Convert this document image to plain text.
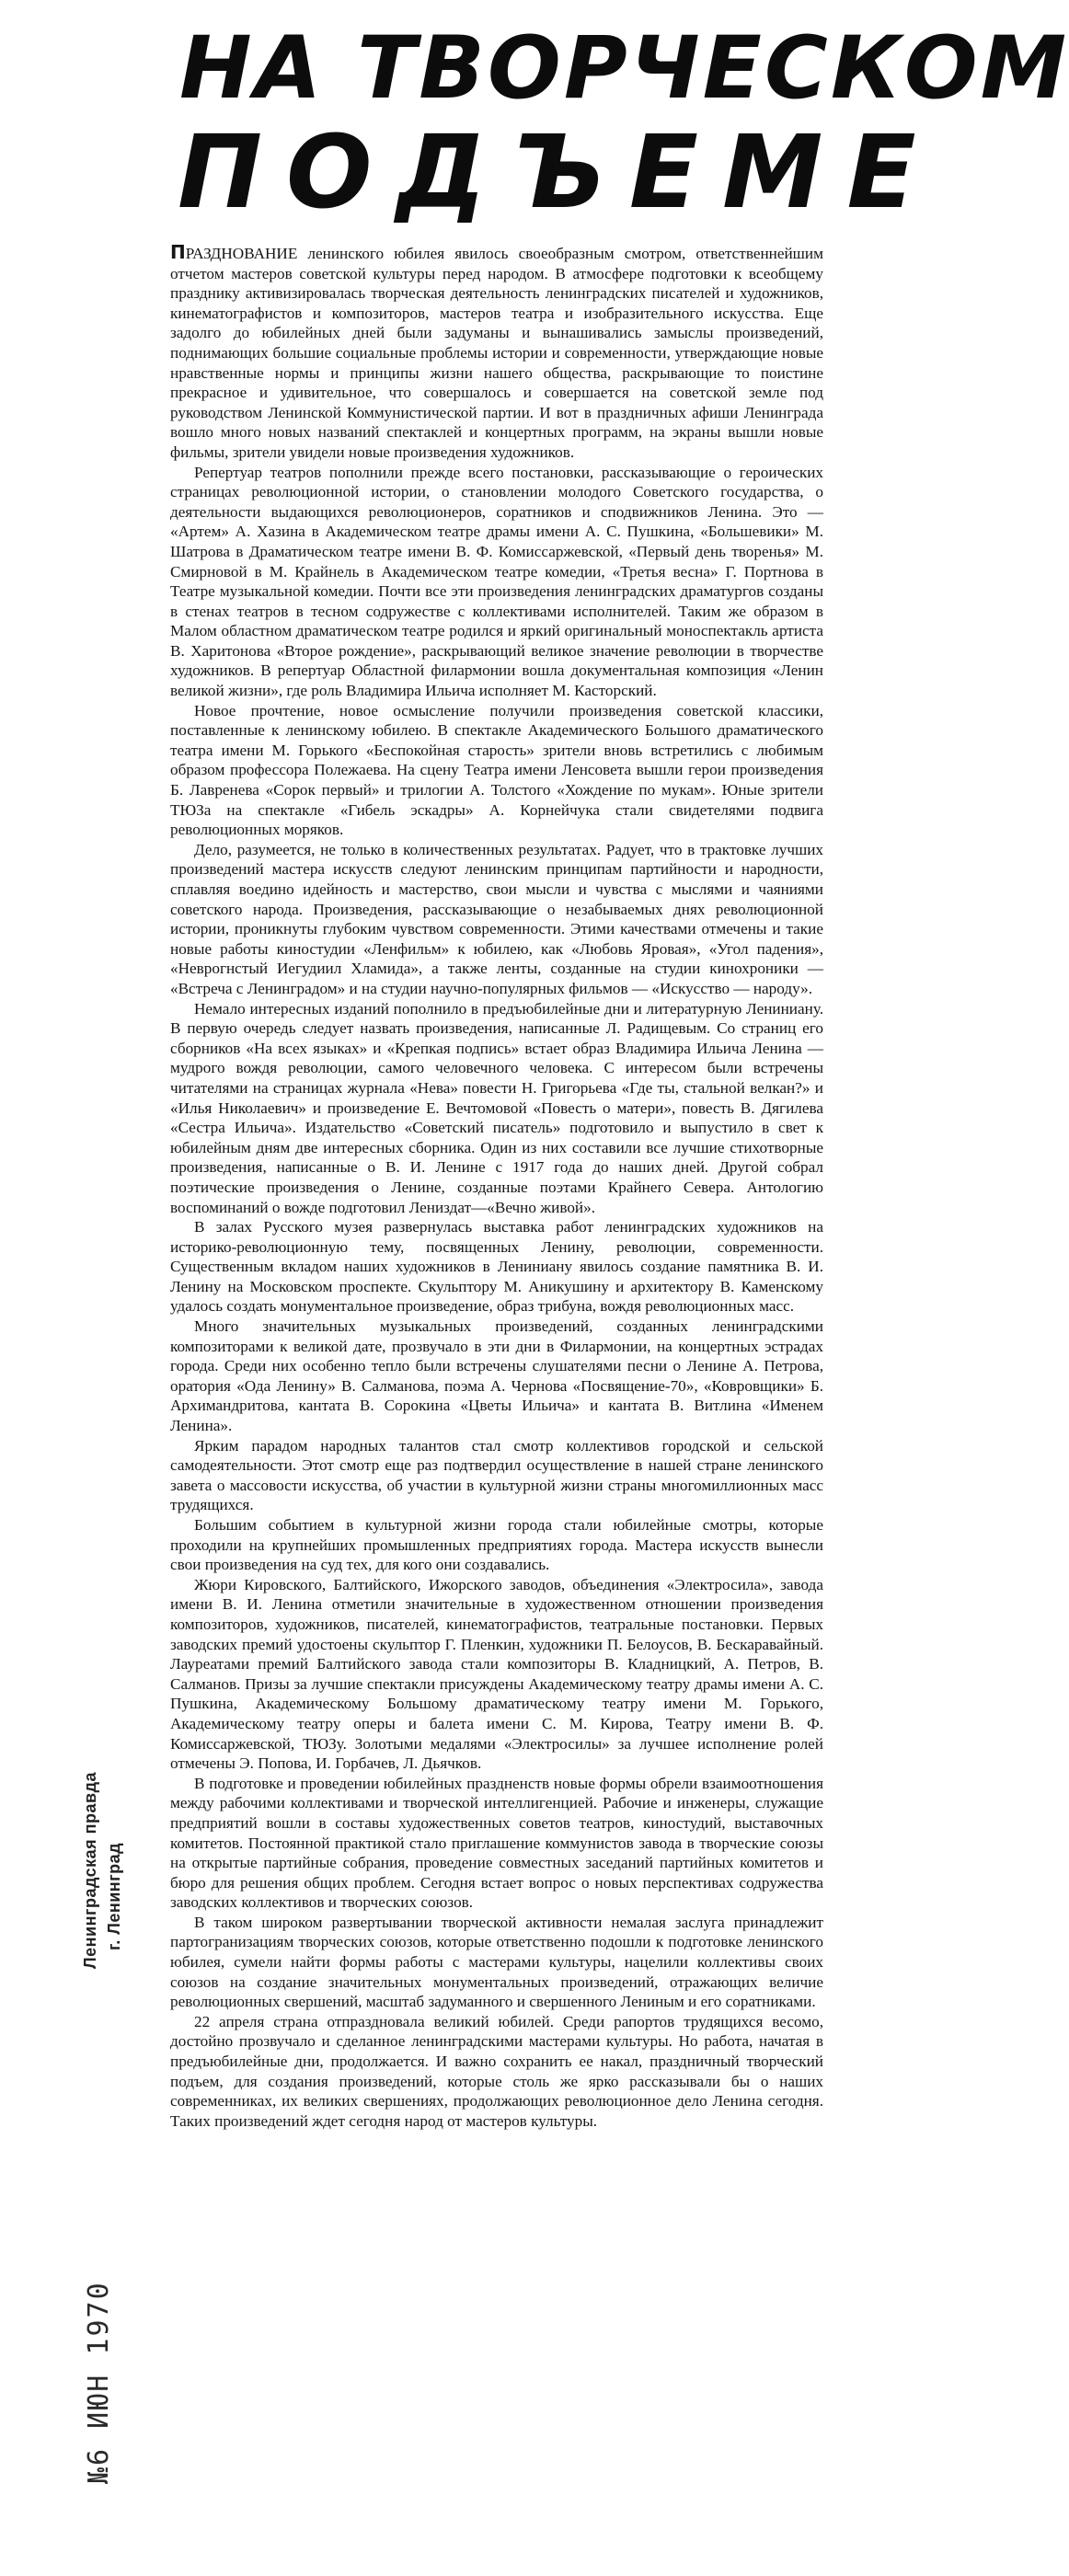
НА ТВОРЧЕСКОМ
ПОДЪЕМЕ

ПРАЗДНОВАНИЕ ленинского юбилея явилось своеобразным смотром, ответственнейшим отчетом мастеров советской культуры перед народом. В атмосфере подготовки к всеобщему празднику активизировалась творческая деятельность ленинградских писателей и художников, кинематографистов и композиторов, мастеров театра и изобразительного искусства. Еще задолго до юбилейных дней были задуманы и вынашивались замыслы произведений, поднимающих большие социальные проблемы истории и современности, утверждающие новые нравственные нормы и принципы жизни нашего общества, раскрывающие то поистине прекрасное и удивительное, что совершалось и совершается на советской земле под руководством Ленинской Коммунистической партии. И вот в праздничных афиши Ленинграда вошло много новых названий спектаклей и концертных программ, на экраны вышли новые фильмы, зрители увидели новые произведения художников.

Репертуар театров пополнили прежде всего постановки, рассказывающие о героических страницах революционной истории, о становлении молодого Советского государства, о деятельности выдающихся революционеров, соратников и сподвижников Ленина. Это — «Артем» А. Хазина в Академическом театре драмы имени А. С. Пушкина, «Большевики» М. Шатрова в Драматическом театре имени В. Ф. Комиссаржевской, «Первый день творенья» М. Смирновой в М. Крайнель в Академическом театре комедии, «Третья весна» Г. Портнова в Театре музыкальной комедии. Почти все эти произведения ленинградских драматургов созданы в стенах театров в тесном содружестве с коллективами исполнителей. Таким же образом в Малом областном драматическом театре родился и яркий оригинальный моноспектакль артиста В. Харитонова «Второе рождение», раскрывающий великое значение революции в творчестве художников. В репертуар Областной филармонии вошла документальная композиция «Ленин великой жизни», где роль Владимира Ильича исполняет М. Касторский.

Новое прочтение, новое осмысление получили произведения советской классики, поставленные к ленинскому юбилею. В спектакле Академического Большого драматического театра имени М. Горького «Беспокойная старость» зрители вновь встретились с любимым образом профессора Полежаева. На сцену Театра имени Ленсовета вышли герои произведения Б. Лавренева «Сорок первый» и трилогии А. Толстого «Хождение по мукам». Юные зрители ТЮЗа на спектакле «Гибель эскадры» А. Корнейчука стали свидетелями подвига революционных моряков.

Дело, разумеется, не только в количественных результатах. Радует, что в трактовке лучших произведений мастера искусств следуют ленинским принципам партийности и народности, сплавляя воедино идейность и мастерство, свои мысли и чувства с мыслями и чаяниями советского народа. Произведения, рассказывающие о незабываемых днях революционной истории, проникнуты глубоким чувством современности. Этими качествами отмечены и такие новые работы киностудии «Ленфильм» к юбилею, как «Любовь Яровая», «Угол падения», «Неврогнстый Иегудиил Хламида», а также ленты, созданные на студии кинохроники — «Встреча с Ленинградом» и на студии научно-популярных фильмов — «Искусство — народу».

Немало интересных изданий пополнило в предъюбилейные дни и литературную Лениниану. В первую очередь следует назвать произведения, написанные Л. Радищевым. Со страниц его сборников «На всех языках» и «Крепкая подпись» встает образ Владимира Ильича Ленина — мудрого вождя революции, самого человечного человека. С интересом были встречены читателями на страницах журнала «Нева» повести Н. Григорьева «Где ты, стальной велкан?» и «Илья Николаевич» и произведение Е. Вечтомовой «Повесть о матери», повесть В. Дягилева «Сестра Ильича». Издательство «Советский писатель» подготовило и выпустило в свет к юбилейным дням две интересных сборника. Один из них составили все лучшие стихотворные произведения, написанные о В. И. Ленине с 1917 года до наших дней. Другой собрал поэтические произведения о Ленине, созданные поэтами Крайнего Севера. Антологию воспоминаний о вожде подготовил Лениздат—«Вечно живой».

В залах Русского музея развернулась выставка работ ленинградских художников на историко-революционную тему, посвященных Ленину, революции, современности. Существенным вкладом наших художников в Лениниану явилось создание памятника В. И. Ленину на Московском проспекте. Скульптору М. Аникушину и архитектору В. Каменскому удалось создать монументальное произведение, образ трибуна, вождя революционных масс.

Много значительных музыкальных произведений, созданных ленинградскими композиторами к великой дате, прозвучало в эти дни в Филармонии, на концертных эстрадах города. Среди них особенно тепло были встречены слушателями песни о Ленине А. Петрова, оратория «Ода Ленину» В. Салманова, поэма А. Чернова «Посвящение-70», «Ковровщики» Б. Архимандритова, кантата В. Сорокина «Цветы Ильича» и кантата В. Витлина «Именем Ленина».

Ярким парадом народных талантов стал смотр коллективов городской и сельской самодеятельности. Этот смотр еще раз подтвердил осуществление в нашей стране ленинского завета о массовости искусства, об участии в культурной жизни страны многомиллионных масс трудящихся.

Большим событием в культурной жизни города стали юбилейные смотры, которые проходили на крупнейших промышленных предприятиях города. Мастера искусств вынесли свои произведения на суд тех, для кого они создавались.

Жюри Кировского, Балтийского, Ижорского заводов, объединения «Электросила», завода имени В. И. Ленина отметили значительные в художественном отношении произведения композиторов, художников, писателей, кинематографистов, театральные постановки. Первых заводских премий удостоены скульптор Г. Пленкин, художники П. Белоусов, В. Бескаравайный. Лауреатами премий Балтийского завода стали композиторы В. Кладницкий, А. Петров, В. Салманов. Призы за лучшие спектакли присуждены Академическому театру драмы имени А. С. Пушкина, Академическому Большому драматическому театру имени М. Горького, Академическому театру оперы и балета имени С. М. Кирова, Театру имени В. Ф. Комиссаржевской, ТЮЗу. Золотыми медалями «Электросилы» за лучшее исполнение ролей отмечены Э. Попова, И. Горбачев, Л. Дьячков.

В подготовке и проведении юбилейных праздненств новые формы обрели взаимоотношения между рабочими коллективами и творческой интеллигенцией. Рабочие и инженеры, служащие предприятий вошли в составы художественных советов театров, киностудий, выставочных комитетов. Постоянной практикой стало приглашение коммунистов завода в творческие союзы на открытые партийные собрания, проведение совместных заседаний партийных комитетов и бюро для решения общих проблем. Сегодня встает вопрос о новых перспективах содружества заводских коллективов и творческих союзов.

В таком широком развертывании творческой активности немалая заслуга принадлежит партогранизациям творческих союзов, которые ответственно подошли к подготовке ленинского юбилея, сумели найти формы работы с мастерами культуры, нацелили коллективы своих союзов на создание значительных монументальных произведений, отражающих величие революционных свершений, масштаб задуманного и свершенного Лениным и его соратниками.

22 апреля страна отпраздновала великий юбилей. Среди рапортов трудящихся весомо, достойно прозвучало и сделанное ленинградскими мастерами культуры. Но работа, начатая в предъюбилейные дни, продолжается. И важно сохранить ее накал, праздничный творческий подъем, для создания произведений, которые столь же ярко рассказывали бы о наших современниках, их великих свершениях, продолжающих революционное дело Ленина сегодня. Таких произведений ждет сегодня народ от мастеров культуры.

Ленинградская правда г. Ленинград
№6 ИЮН 1970
